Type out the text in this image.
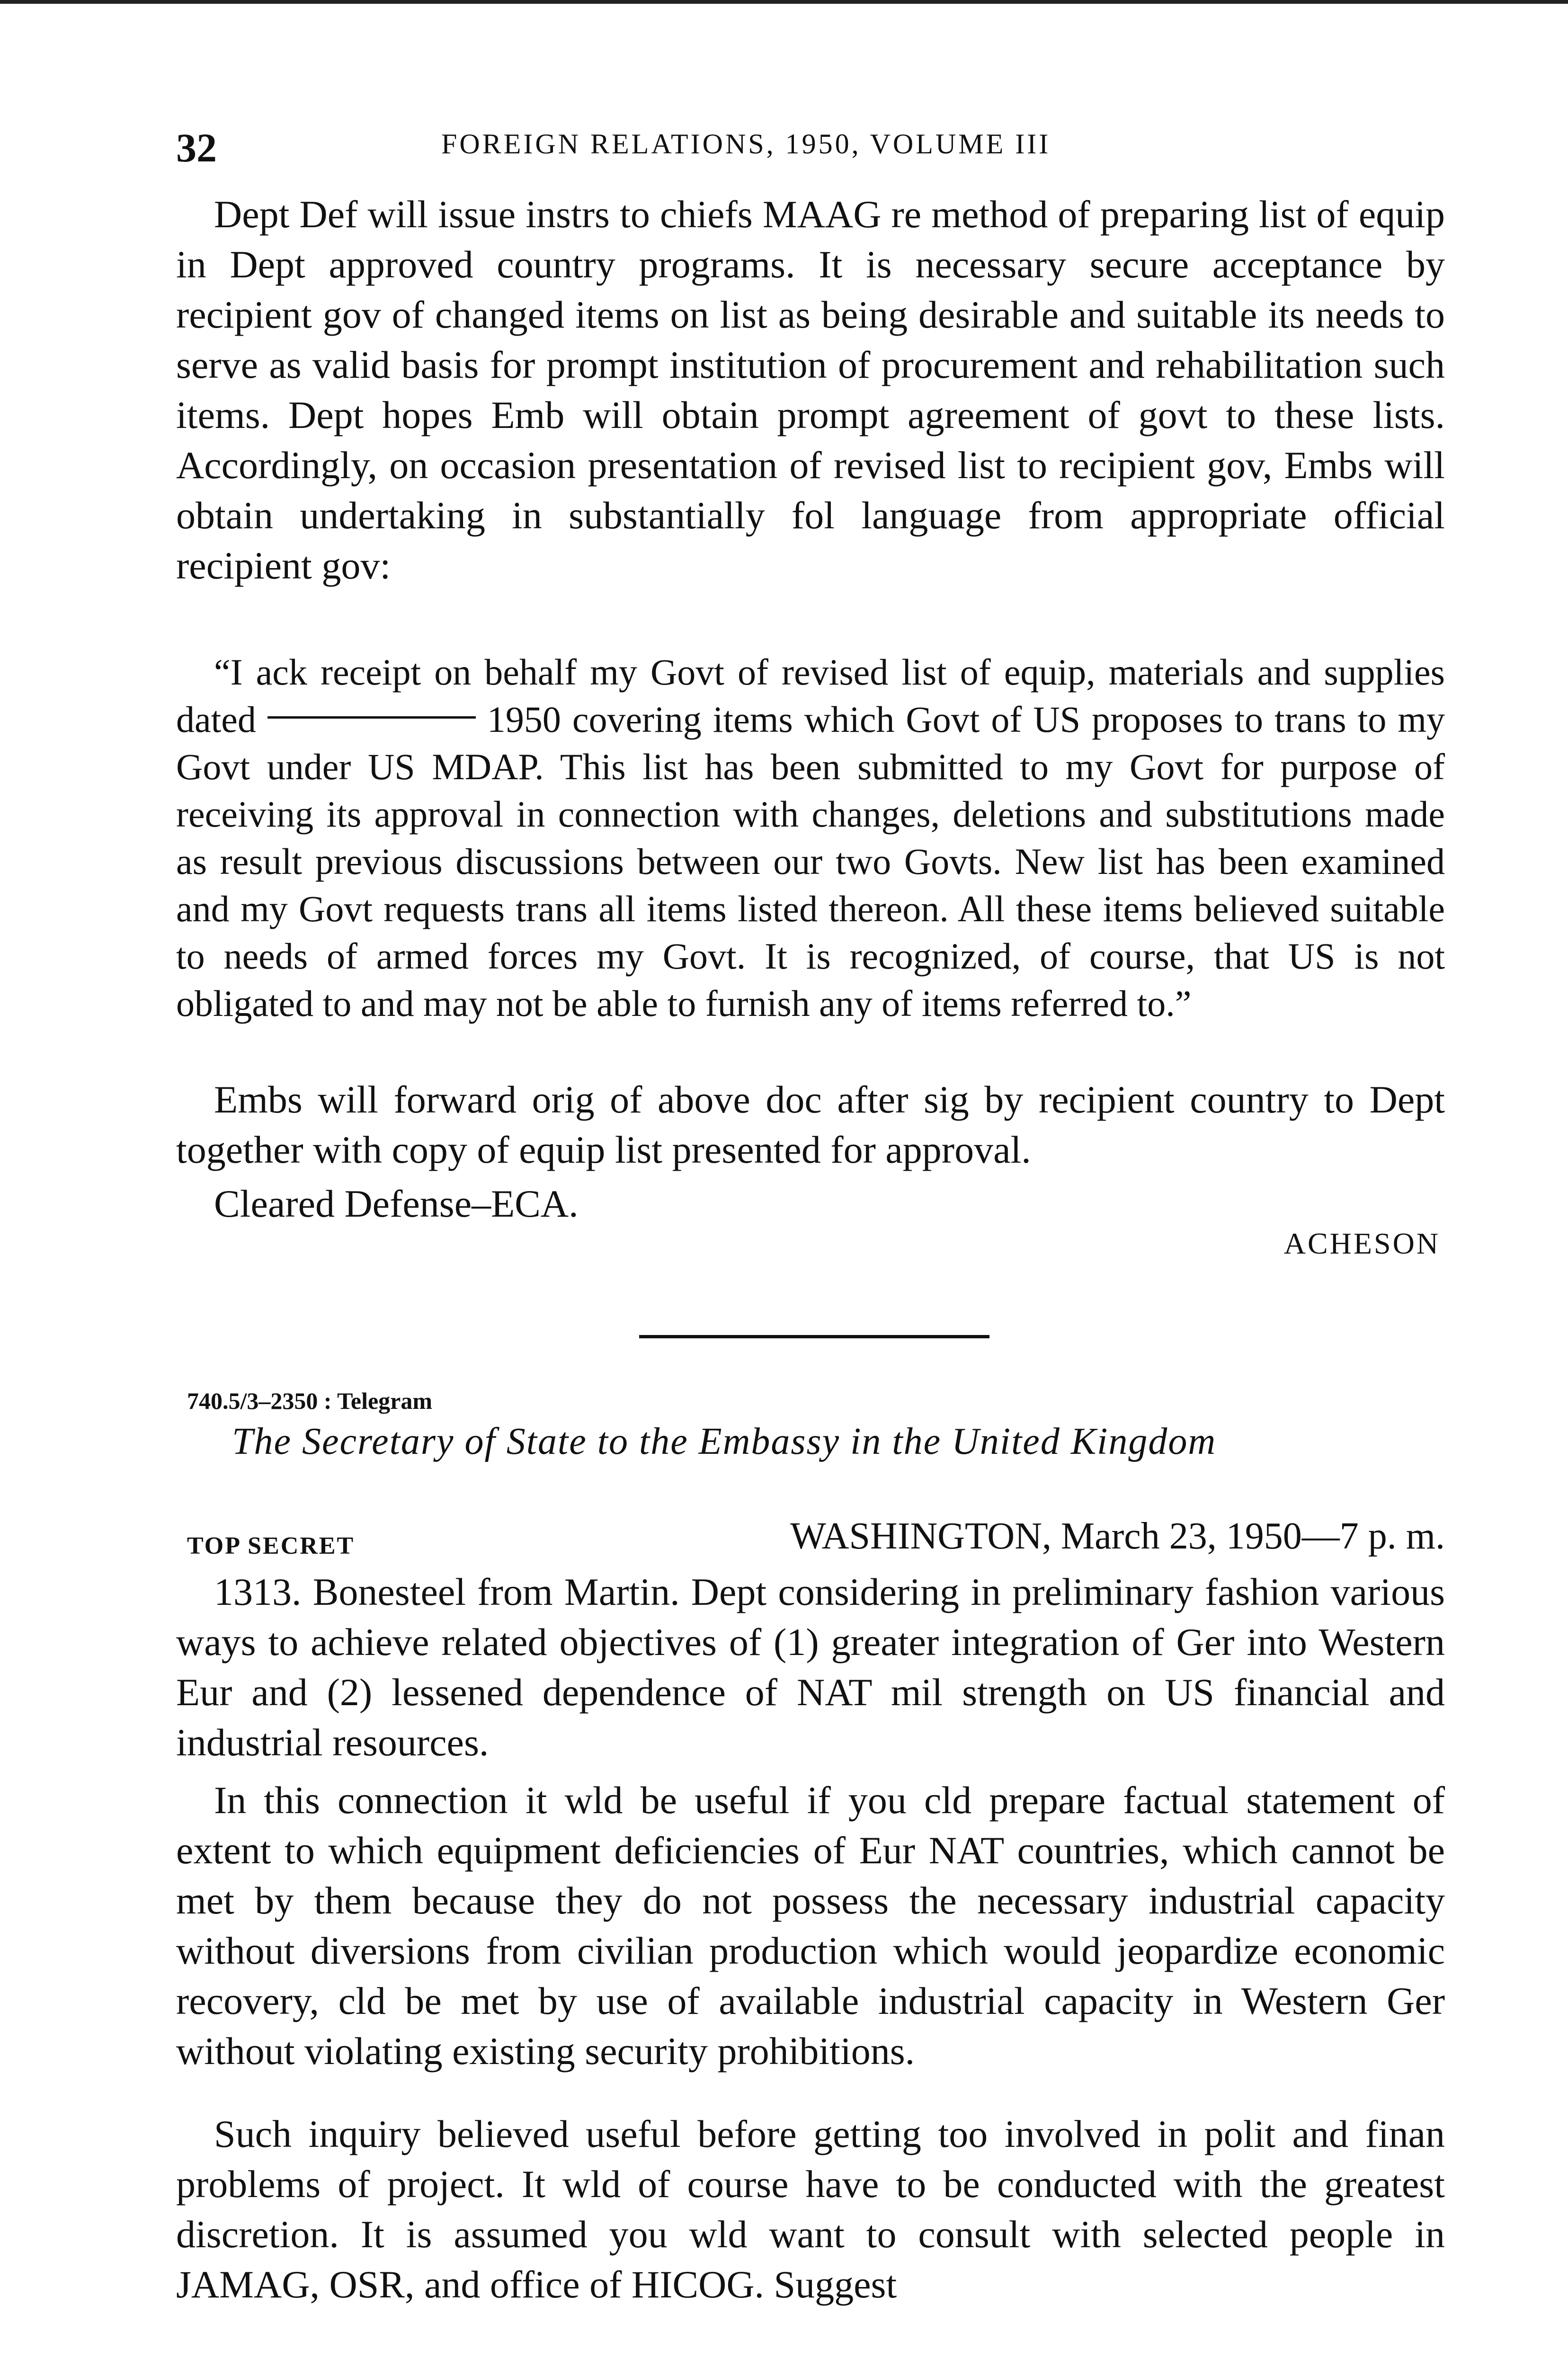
32	FOREIGN RELATIONS, 1950, VOLUME III

Dept Def will issue instrs to chiefs MAAG re method of preparing list of equip in Dept approved country programs. It is necessary secure acceptance by recipient gov of changed items on list as being desirable and suitable its needs to serve as valid basis for prompt institution of procurement and rehabilitation such items. Dept hopes Emb will obtain prompt agreement of govt to these lists. Accordingly, on occasion presentation of revised list to recipient gov, Embs will obtain undertaking in substantially fol language from appropriate official recipient gov:

“I ack receipt on behalf my Govt of revised list of equip, materials and supplies dated	1950 covering items which Govt of US proposes to trans to my Govt under US MDAP. This list has been submitted to my Govt for purpose of receiving its approval in connection with changes, deletions and substitutions made as result previous discussions between our two Govts. New list has been examined and my Govt requests trans all items listed thereon. All these items believed suitable to needs of armed forces my Govt. It is recognized, of course, that US is not obligated to and may not be able to furnish any of items referred to.”

Embs will forward orig of above doc after sig by recipient country to Dept together with copy of equip list presented for approval.

Cleared Defense–ECA.

ACHESON
740.5/3–2350 : Telegram
The Secretary of State to the Embassy in the United Kingdom
TOP SECRET	WASHINGTON, March 23, 1950—7 p. m.

1313. Bonesteel from Martin. Dept considering in preliminary fashion various ways to achieve related objectives of (1) greater integration of Ger into Western Eur and (2) lessened dependence of NAT mil strength on US financial and industrial resources.

In this connection it wld be useful if you cld prepare factual statement of extent to which equipment deficiencies of Eur NAT countries, which cannot be met by them because they do not possess the necessary industrial capacity without diversions from civilian production which would jeopardize economic recovery, cld be met by use of available industrial capacity in Western Ger without violating existing security prohibitions.

Such inquiry believed useful before getting too involved in polit and finan problems of project. It wld of course have to be conducted with the greatest discretion. It is assumed you wld want to consult with selected people in JAMAG, OSR, and office of HICOG. Suggest
